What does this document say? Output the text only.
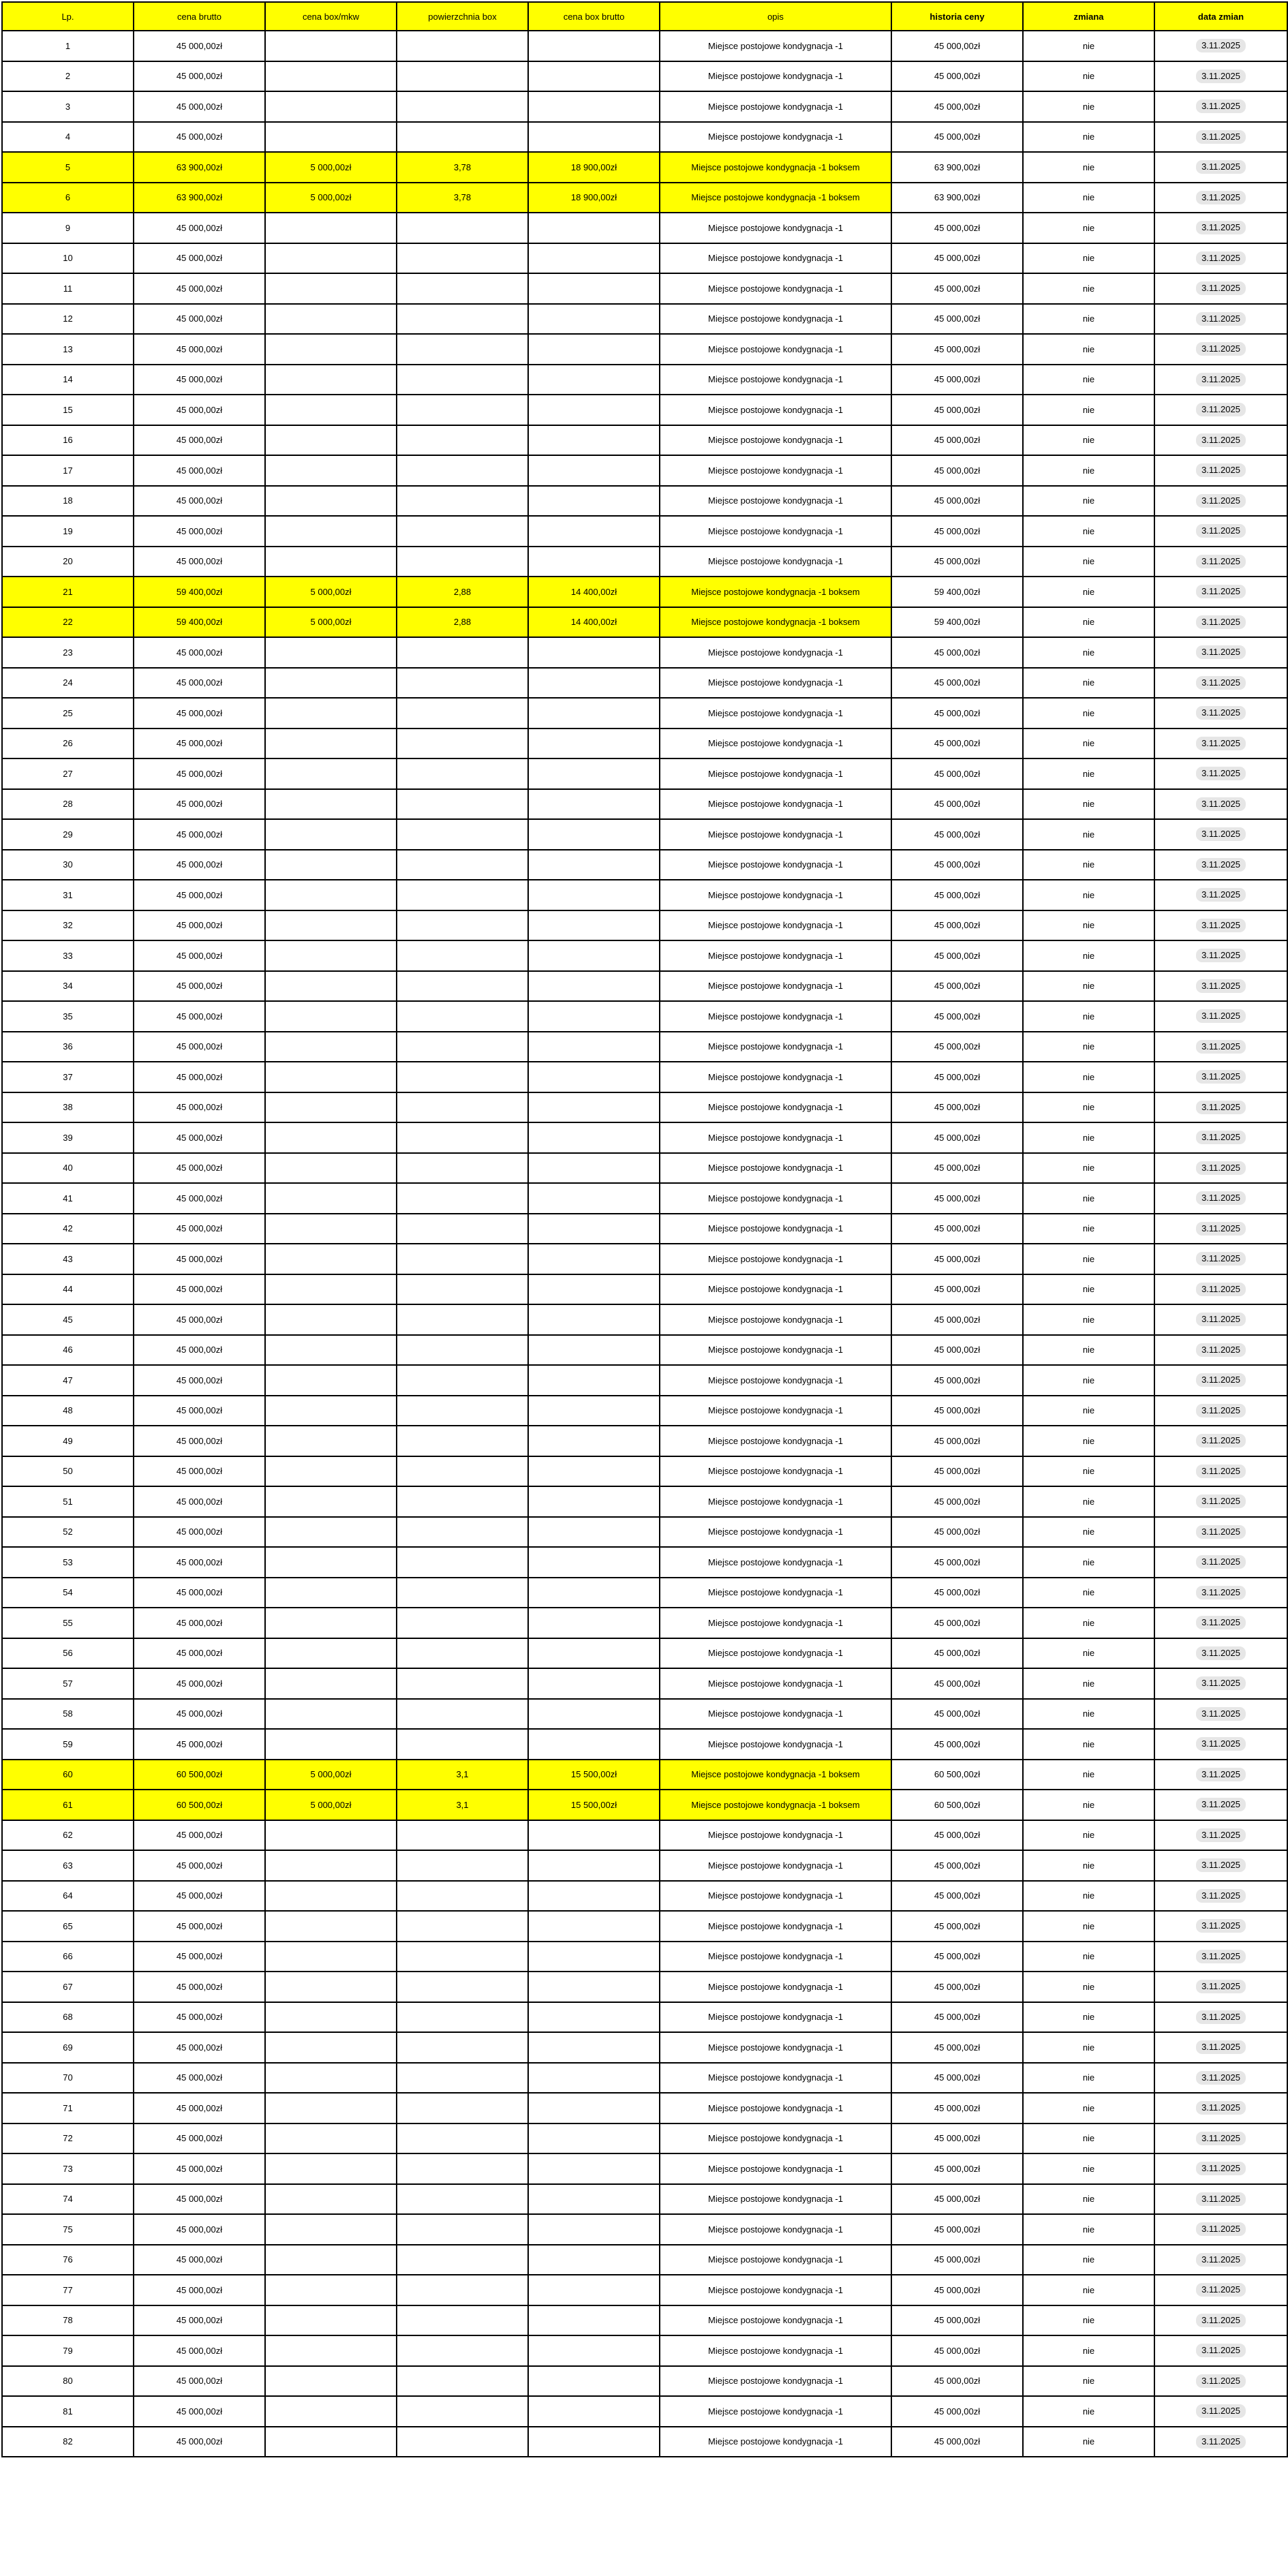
Lp.	cena brutto	cena box/mkw	powierzchnia box	cena box brutto	opis	historia ceny	zmiana	data zmian
1	45 000,00zł				Miejsce postojowe kondygnacja -1	45 000,00zł	nie	3.11.2025
2	45 000,00zł				Miejsce postojowe kondygnacja -1	45 000,00zł	nie	3.11.2025
3	45 000,00zł				Miejsce postojowe kondygnacja -1	45 000,00zł	nie	3.11.2025
4	45 000,00zł				Miejsce postojowe kondygnacja -1	45 000,00zł	nie	3.11.2025
5	63 900,00zł	5 000,00zł	3,78	18 900,00zł	Miejsce postojowe kondygnacja -1 boksem	63 900,00zł	nie	3.11.2025
6	63 900,00zł	5 000,00zł	3,78	18 900,00zł	Miejsce postojowe kondygnacja -1 boksem	63 900,00zł	nie	3.11.2025
9	45 000,00zł				Miejsce postojowe kondygnacja -1	45 000,00zł	nie	3.11.2025
10	45 000,00zł				Miejsce postojowe kondygnacja -1	45 000,00zł	nie	3.11.2025
11	45 000,00zł				Miejsce postojowe kondygnacja -1	45 000,00zł	nie	3.11.2025
12	45 000,00zł				Miejsce postojowe kondygnacja -1	45 000,00zł	nie	3.11.2025
13	45 000,00zł				Miejsce postojowe kondygnacja -1	45 000,00zł	nie	3.11.2025
14	45 000,00zł				Miejsce postojowe kondygnacja -1	45 000,00zł	nie	3.11.2025
15	45 000,00zł				Miejsce postojowe kondygnacja -1	45 000,00zł	nie	3.11.2025
16	45 000,00zł				Miejsce postojowe kondygnacja -1	45 000,00zł	nie	3.11.2025
17	45 000,00zł				Miejsce postojowe kondygnacja -1	45 000,00zł	nie	3.11.2025
18	45 000,00zł				Miejsce postojowe kondygnacja -1	45 000,00zł	nie	3.11.2025
19	45 000,00zł				Miejsce postojowe kondygnacja -1	45 000,00zł	nie	3.11.2025
20	45 000,00zł				Miejsce postojowe kondygnacja -1	45 000,00zł	nie	3.11.2025
21	59 400,00zł	5 000,00zł	2,88	14 400,00zł	Miejsce postojowe kondygnacja -1 boksem	59 400,00zł	nie	3.11.2025
22	59 400,00zł	5 000,00zł	2,88	14 400,00zł	Miejsce postojowe kondygnacja -1 boksem	59 400,00zł	nie	3.11.2025
23	45 000,00zł				Miejsce postojowe kondygnacja -1	45 000,00zł	nie	3.11.2025
24	45 000,00zł				Miejsce postojowe kondygnacja -1	45 000,00zł	nie	3.11.2025
25	45 000,00zł				Miejsce postojowe kondygnacja -1	45 000,00zł	nie	3.11.2025
26	45 000,00zł				Miejsce postojowe kondygnacja -1	45 000,00zł	nie	3.11.2025
27	45 000,00zł				Miejsce postojowe kondygnacja -1	45 000,00zł	nie	3.11.2025
28	45 000,00zł				Miejsce postojowe kondygnacja -1	45 000,00zł	nie	3.11.2025
29	45 000,00zł				Miejsce postojowe kondygnacja -1	45 000,00zł	nie	3.11.2025
30	45 000,00zł				Miejsce postojowe kondygnacja -1	45 000,00zł	nie	3.11.2025
31	45 000,00zł				Miejsce postojowe kondygnacja -1	45 000,00zł	nie	3.11.2025
32	45 000,00zł				Miejsce postojowe kondygnacja -1	45 000,00zł	nie	3.11.2025
33	45 000,00zł				Miejsce postojowe kondygnacja -1	45 000,00zł	nie	3.11.2025
34	45 000,00zł				Miejsce postojowe kondygnacja -1	45 000,00zł	nie	3.11.2025
35	45 000,00zł				Miejsce postojowe kondygnacja -1	45 000,00zł	nie	3.11.2025
36	45 000,00zł				Miejsce postojowe kondygnacja -1	45 000,00zł	nie	3.11.2025
37	45 000,00zł				Miejsce postojowe kondygnacja -1	45 000,00zł	nie	3.11.2025
38	45 000,00zł				Miejsce postojowe kondygnacja -1	45 000,00zł	nie	3.11.2025
39	45 000,00zł				Miejsce postojowe kondygnacja -1	45 000,00zł	nie	3.11.2025
40	45 000,00zł				Miejsce postojowe kondygnacja -1	45 000,00zł	nie	3.11.2025
41	45 000,00zł				Miejsce postojowe kondygnacja -1	45 000,00zł	nie	3.11.2025
42	45 000,00zł				Miejsce postojowe kondygnacja -1	45 000,00zł	nie	3.11.2025
43	45 000,00zł				Miejsce postojowe kondygnacja -1	45 000,00zł	nie	3.11.2025
44	45 000,00zł				Miejsce postojowe kondygnacja -1	45 000,00zł	nie	3.11.2025
45	45 000,00zł				Miejsce postojowe kondygnacja -1	45 000,00zł	nie	3.11.2025
46	45 000,00zł				Miejsce postojowe kondygnacja -1	45 000,00zł	nie	3.11.2025
47	45 000,00zł				Miejsce postojowe kondygnacja -1	45 000,00zł	nie	3.11.2025
48	45 000,00zł				Miejsce postojowe kondygnacja -1	45 000,00zł	nie	3.11.2025
49	45 000,00zł				Miejsce postojowe kondygnacja -1	45 000,00zł	nie	3.11.2025
50	45 000,00zł				Miejsce postojowe kondygnacja -1	45 000,00zł	nie	3.11.2025
51	45 000,00zł				Miejsce postojowe kondygnacja -1	45 000,00zł	nie	3.11.2025
52	45 000,00zł				Miejsce postojowe kondygnacja -1	45 000,00zł	nie	3.11.2025
53	45 000,00zł				Miejsce postojowe kondygnacja -1	45 000,00zł	nie	3.11.2025
54	45 000,00zł				Miejsce postojowe kondygnacja -1	45 000,00zł	nie	3.11.2025
55	45 000,00zł				Miejsce postojowe kondygnacja -1	45 000,00zł	nie	3.11.2025
56	45 000,00zł				Miejsce postojowe kondygnacja -1	45 000,00zł	nie	3.11.2025
57	45 000,00zł				Miejsce postojowe kondygnacja -1	45 000,00zł	nie	3.11.2025
58	45 000,00zł				Miejsce postojowe kondygnacja -1	45 000,00zł	nie	3.11.2025
59	45 000,00zł				Miejsce postojowe kondygnacja -1	45 000,00zł	nie	3.11.2025
60	60 500,00zł	5 000,00zł	3,1	15 500,00zł	Miejsce postojowe kondygnacja -1 boksem	60 500,00zł	nie	3.11.2025
61	60 500,00zł	5 000,00zł	3,1	15 500,00zł	Miejsce postojowe kondygnacja -1 boksem	60 500,00zł	nie	3.11.2025
62	45 000,00zł				Miejsce postojowe kondygnacja -1	45 000,00zł	nie	3.11.2025
63	45 000,00zł				Miejsce postojowe kondygnacja -1	45 000,00zł	nie	3.11.2025
64	45 000,00zł				Miejsce postojowe kondygnacja -1	45 000,00zł	nie	3.11.2025
65	45 000,00zł				Miejsce postojowe kondygnacja -1	45 000,00zł	nie	3.11.2025
66	45 000,00zł				Miejsce postojowe kondygnacja -1	45 000,00zł	nie	3.11.2025
67	45 000,00zł				Miejsce postojowe kondygnacja -1	45 000,00zł	nie	3.11.2025
68	45 000,00zł				Miejsce postojowe kondygnacja -1	45 000,00zł	nie	3.11.2025
69	45 000,00zł				Miejsce postojowe kondygnacja -1	45 000,00zł	nie	3.11.2025
70	45 000,00zł				Miejsce postojowe kondygnacja -1	45 000,00zł	nie	3.11.2025
71	45 000,00zł				Miejsce postojowe kondygnacja -1	45 000,00zł	nie	3.11.2025
72	45 000,00zł				Miejsce postojowe kondygnacja -1	45 000,00zł	nie	3.11.2025
73	45 000,00zł				Miejsce postojowe kondygnacja -1	45 000,00zł	nie	3.11.2025
74	45 000,00zł				Miejsce postojowe kondygnacja -1	45 000,00zł	nie	3.11.2025
75	45 000,00zł				Miejsce postojowe kondygnacja -1	45 000,00zł	nie	3.11.2025
76	45 000,00zł				Miejsce postojowe kondygnacja -1	45 000,00zł	nie	3.11.2025
77	45 000,00zł				Miejsce postojowe kondygnacja -1	45 000,00zł	nie	3.11.2025
78	45 000,00zł				Miejsce postojowe kondygnacja -1	45 000,00zł	nie	3.11.2025
79	45 000,00zł				Miejsce postojowe kondygnacja -1	45 000,00zł	nie	3.11.2025
80	45 000,00zł				Miejsce postojowe kondygnacja -1	45 000,00zł	nie	3.11.2025
81	45 000,00zł				Miejsce postojowe kondygnacja -1	45 000,00zł	nie	3.11.2025
82	45 000,00zł				Miejsce postojowe kondygnacja -1	45 000,00zł	nie	3.11.2025
